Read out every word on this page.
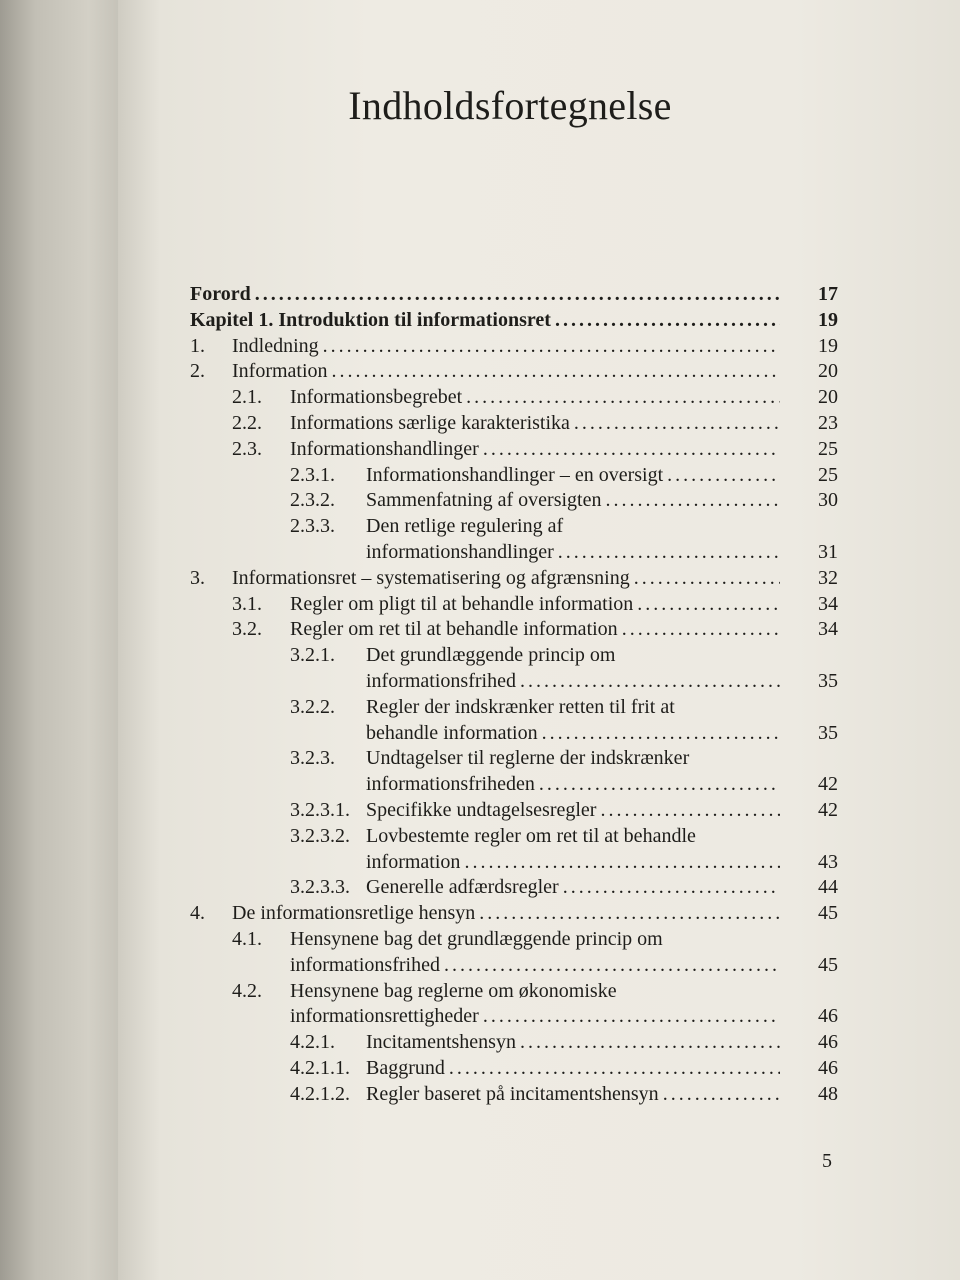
Indholdsfortegnelse
Forord .....	17
Kapitel 1. Introduktion til informationsret .....	19
1. Indledning .....	19
2. Information .....	20
2.1. Informationsbegrebet .....	20
2.2. Informations særlige karakteristika .....	23
2.3. Informationshandlinger .....	25
2.3.1. Informationshandlinger – en oversigt .....	25
2.3.2. Sammenfatning af oversigten .....	30
2.3.3. Den retlige regulering af
informationshandlinger .....	31
3. Informationsret – systematisering og afgrænsning .....	32
3.1. Regler om pligt til at behandle information .....	34
3.2. Regler om ret til at behandle information .....	34
3.2.1. Det grundlæggende princip om
informationsfrihed .....	35
3.2.2. Regler der indskrænker retten til frit at
behandle information .....	35
3.2.3. Undtagelser til reglerne der indskrænker
informationsfriheden .....	42
3.2.3.1. Specifikke undtagelsesregler .....	42
3.2.3.2. Lovbestemte regler om ret til at behandle
information .....	43
3.2.3.3. Generelle adfærdsregler .....	44
4. De informationsretlige hensyn .....	45
4.1. Hensynene bag det grundlæggende princip om
informationsfrihed .....	45
4.2. Hensynene bag reglerne om økonomiske
informationsrettigheder .....	46
4.2.1. Incitamentshensyn .....	46
4.2.1.1. Baggrund .....	46
4.2.1.2. Regler baseret på incitamentshensyn .....	48
5
